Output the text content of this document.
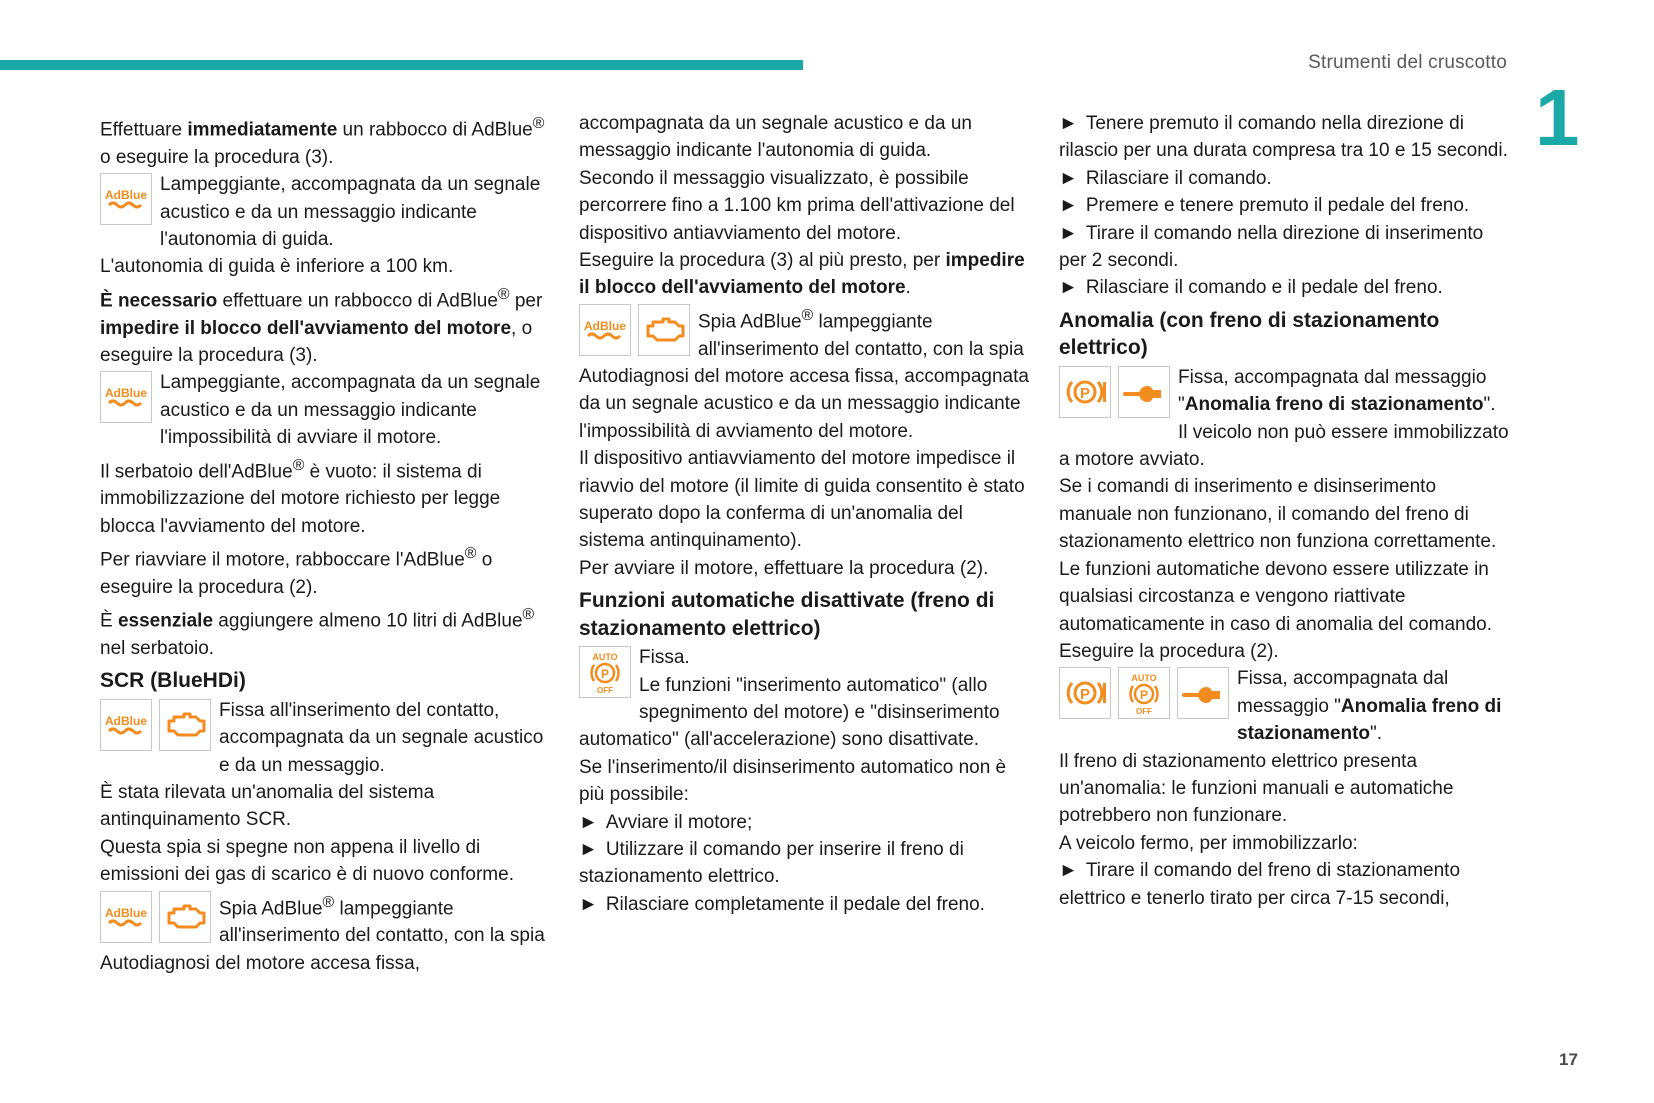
Strumenti del cruscotto
1

Effettuare immediatamente un rabbocco di AdBlue® o eseguire la procedura (3).

AdBlue Lampeggiante, accompagnata da un segnale acustico e da un messaggio indicante l'autonomia di guida.

L'autonomia di guida è inferiore a 100 km.

È necessario effettuare un rabbocco di AdBlue® per impedire il blocco dell'avviamento del motore, o eseguire la procedura (3).

AdBlue Lampeggiante, accompagnata da un segnale acustico e da un messaggio indicante l'impossibilità di avviare il motore.

Il serbatoio dell'AdBlue® è vuoto: il sistema di immobilizzazione del motore richiesto per legge blocca l'avviamento del motore.

Per riavviare il motore, rabboccare l'AdBlue® o eseguire la procedura (2).

È essenziale aggiungere almeno 10 litri di AdBlue® nel serbatoio.

SCR (BlueHDi)

AdBlue	Fissa all'inserimento del contatto, accompagnata da un segnale acustico e da un messaggio.

È stata rilevata un'anomalia del sistema antinquinamento SCR.

Questa spia si spegne non appena il livello di emissioni dei gas di scarico è di nuovo conforme.

AdBlue	Spia AdBlue® lampeggiante all'inserimento del contatto, con la spia Autodiagnosi del motore accesa fissa,

accompagnata da un segnale acustico e da un messaggio indicante l'autonomia di guida.

Secondo il messaggio visualizzato, è possibile percorrere fino a 1.100 km prima dell'attivazione del dispositivo antiavviamento del motore.

Eseguire la procedura (3) al più presto, per impedire il blocco dell'avviamento del motore.

AdBlue	Spia AdBlue® lampeggiante all'inserimento del contatto, con la spia Autodiagnosi del motore accesa fissa, accompagnata da un segnale acustico e da un messaggio indicante l'impossibilità di avviamento del motore.

Il dispositivo antiavviamento del motore impedisce il riavvio del motore (il limite di guida consentito è stato superato dopo la conferma di un'anomalia del sistema antinquinamento).

Per avviare il motore, effettuare la procedura (2).

Funzioni automatiche disattivate (freno di stazionamento elettrico)

AUTO
P
OFF
Fissa.
Le funzioni "inserimento automatico" (allo spegnimento del motore) e "disinserimento automatico" (all'accelerazione) sono disattivate.

Se l'inserimento/il disinserimento automatico non è più possibile:

► Avviare il motore;

► Utilizzare il comando per inserire il freno di stazionamento elettrico.

► Rilasciare completamente il pedale del freno.

► Tenere premuto il comando nella direzione di rilascio per una durata compresa tra 10 e 15 secondi.

► Rilasciare il comando.

► Premere e tenere premuto il pedale del freno.

► Tirare il comando nella direzione di inserimento per 2 secondi.

► Rilasciare il comando e il pedale del freno.

Anomalia (con freno di stazionamento elettrico)

P
Fissa, accompagnata dal messaggio "Anomalia freno di stazionamento".

Il veicolo non può essere immobilizzato a motore avviato.

Se i comandi di inserimento e disinserimento manuale non funzionano, il comando del freno di stazionamento elettrico non funziona correttamente.

Le funzioni automatiche devono essere utilizzate in qualsiasi circostanza e vengono riattivate automaticamente in caso di anomalia del comando.

Eseguire la procedura (2).

P
AUTO
P
OFF
Fissa, accompagnata dal messaggio "Anomalia freno di stazionamento".

Il freno di stazionamento elettrico presenta un'anomalia: le funzioni manuali e automatiche potrebbero non funzionare.

A veicolo fermo, per immobilizzarlo:

► Tirare il comando del freno di stazionamento elettrico e tenerlo tirato per circa 7-15 secondi,

17
